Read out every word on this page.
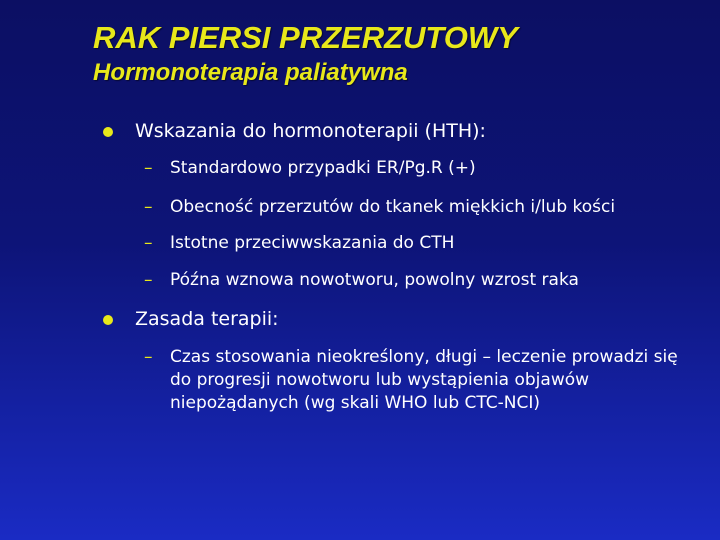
RAK PIERSI PRZERZUTOWY
Hormonoterapia paliatywna
Wskazania do hormonoterapii (HTH):
–	Standardowo przypadki ER/Pg.R (+)
–	Obecność przerzutów do tkanek miękkich i/lub kości
–	Istotne przeciwwskazania do CTH
–	Późna wznowa nowotworu, powolny wzrost raka
Zasada terapii:
–	Czas stosowania nieokreślony, długi – leczenie prowadzi się do progresji nowotworu lub wystąpienia objawów niepożądanych (wg skali WHO lub CTC-NCI)
